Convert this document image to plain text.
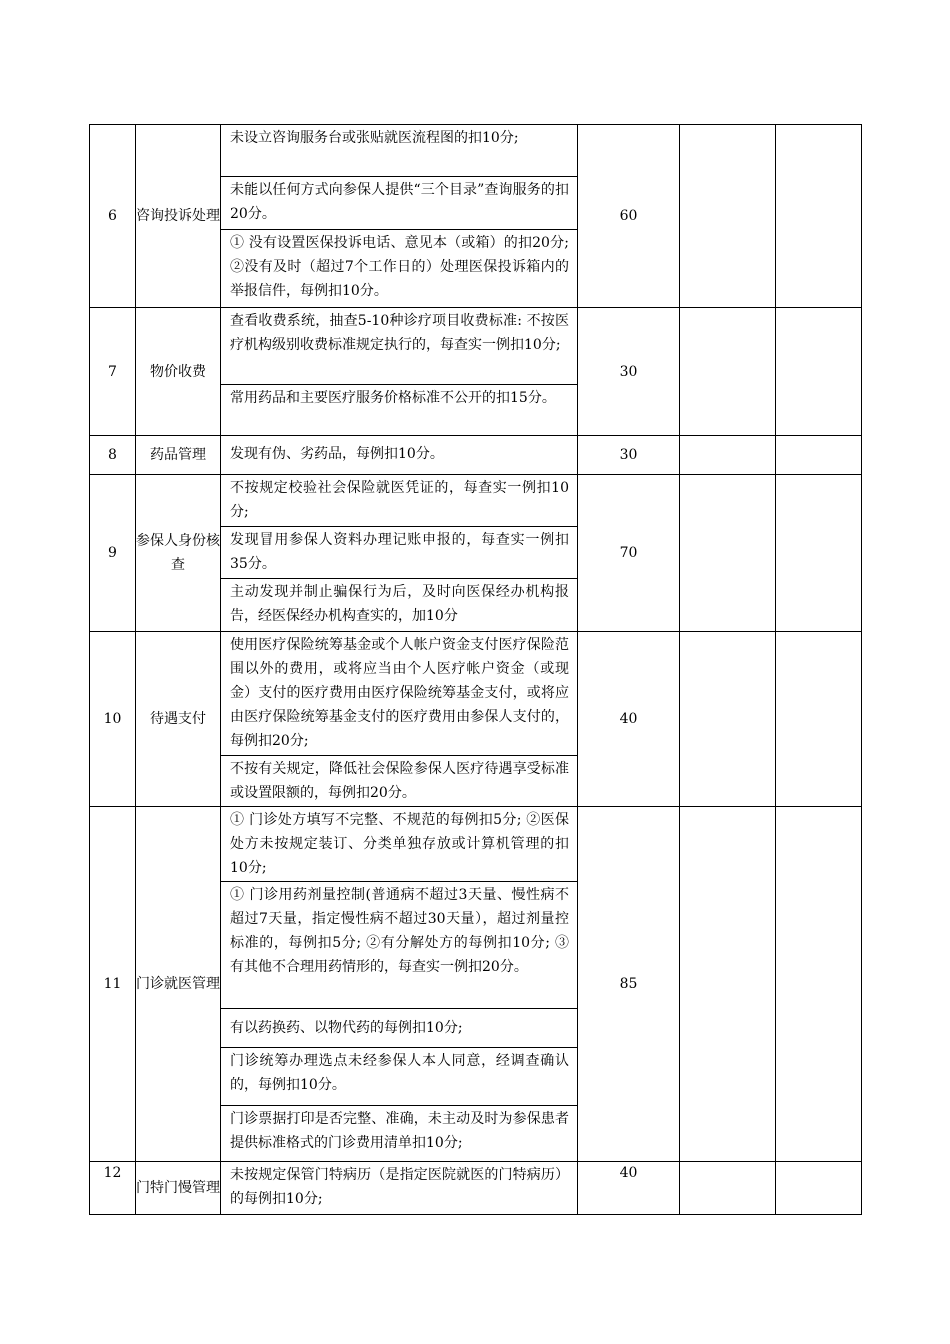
6	咨询投诉处理	未设立咨询服务台或张贴就医流程图的扣10分;
未能以任何方式向参保人提供“三个目录”查询服务的扣20分。
① 没有设置医保投诉电话、意见本（或箱）的扣20分; ②没有及时（超过7个工作日的）处理医保投诉箱内的举报信件，每例扣10分。	60		
7	物价收费	查看收费系统，抽查5-10种诊疗项目收费标准: 不按医疗机构级别收费标准规定执行的，每查实一例扣10分;
常用药品和主要医疗服务价格标准不公开的扣15分。	30		
8	药品管理	发现有伪、劣药品，每例扣10分。	30		
9	参保人身份核查	不按规定校验社会保险就医凭证的，每查实一例扣10分;
发现冒用参保人资料办理记账申报的，每查实一例扣35分。
主动发现并制止骗保行为后，及时向医保经办机构报告，经医保经办机构查实的，加10分	70		
10	待遇支付	使用医疗保险统筹基金或个人帐户资金支付医疗保险范围以外的费用，或将应当由个人医疗帐户资金（或现金）支付的医疗费用由医疗保险统筹基金支付，或将应由医疗保险统筹基金支付的医疗费用由参保人支付的，每例扣20分;
不按有关规定，降低社会保险参保人医疗待遇享受标准或设置限额的，每例扣20分。	40		
11	门诊就医管理	① 门诊处方填写不完整、不规范的每例扣5分; ②医保处方未按规定装订、分类单独存放或计算机管理的扣10分;
① 门诊用药剂量控制(普通病不超过3天量、慢性病不超过7天量，指定慢性病不超过30天量），超过剂量控标准的，每例扣5分; ②有分解处方的每例扣10分; ③有其他不合理用药情形的，每查实一例扣20分。
有以药换药、以物代药的每例扣10分;
门诊统筹办理选点未经参保人本人同意，经调查确认的，每例扣10分。
门诊票据打印是否完整、准确，未主动及时为参保患者提供标准格式的门诊费用清单扣10分;	85		
12	门特门慢管理	未按规定保管门特病历（是指定医院就医的门特病历）的每例扣10分;	40		
